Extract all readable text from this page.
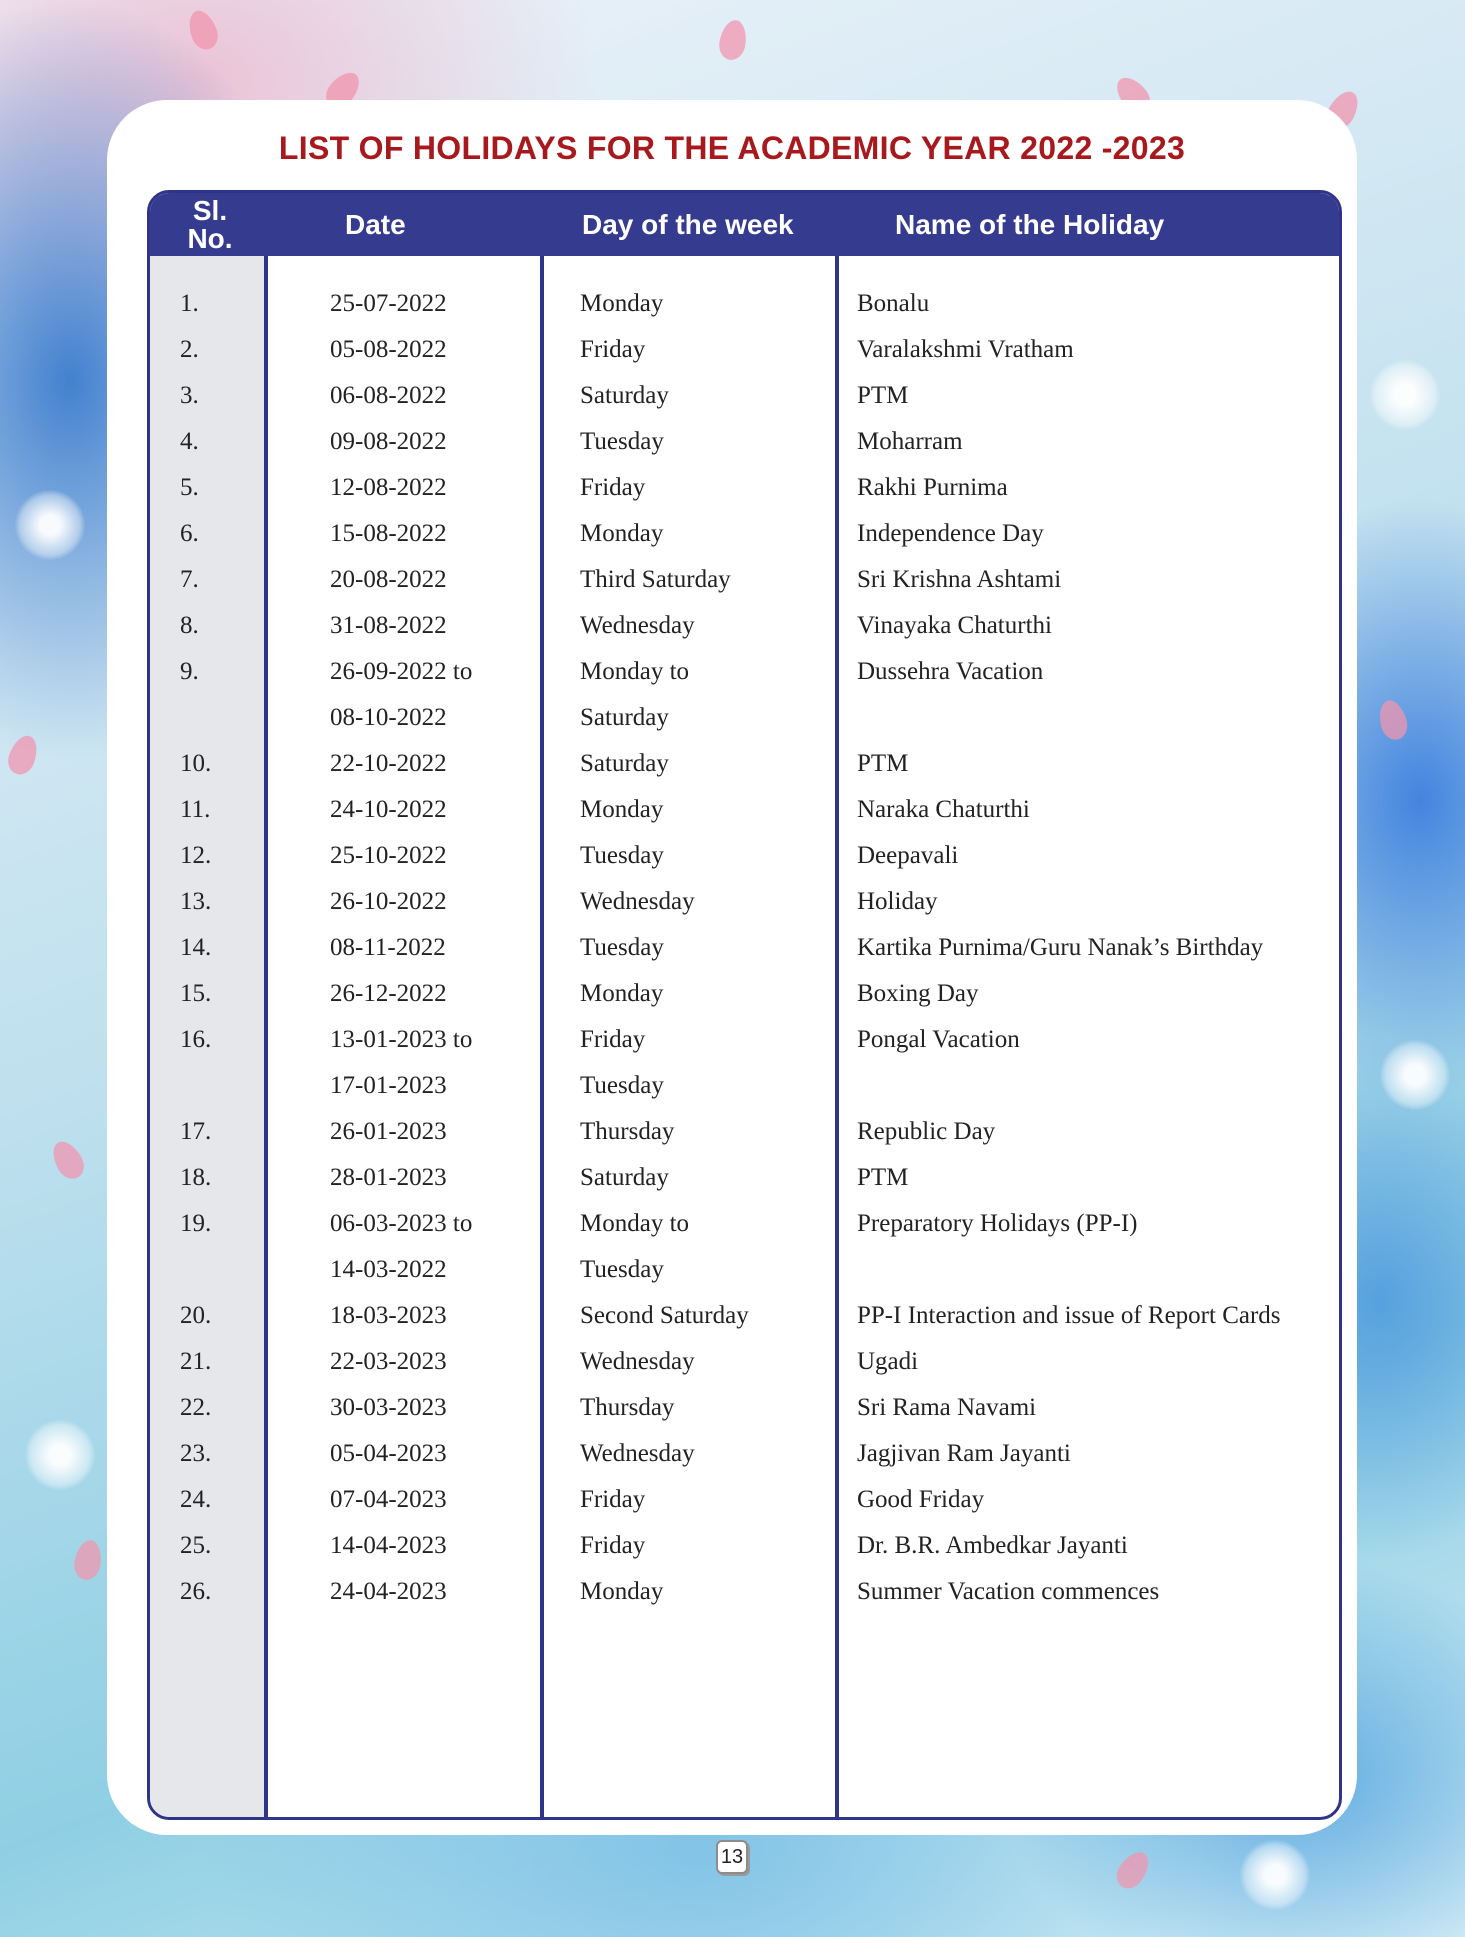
LIST OF HOLIDAYS FOR THE ACADEMIC YEAR 2022 -2023
Sl.
No.	Date	Day of the week	Name of the Holiday
1.	25-07-2022	Monday	Bonalu
2.	05-08-2022	Friday	Varalakshmi Vratham
3.	06-08-2022	Saturday	PTM
4.	09-08-2022	Tuesday	Moharram
5.	12-08-2022	Friday	Rakhi Purnima
6.	15-08-2022	Monday	Independence Day
7.	20-08-2022	Third Saturday	Sri Krishna Ashtami
8.	31-08-2022	Wednesday	Vinayaka Chaturthi
9.	26-09-2022 to	Monday to	Dussehra Vacation
08-10-2022	Saturday
10.	22-10-2022	Saturday	PTM
11.	24-10-2022	Monday	Naraka Chaturthi
12.	25-10-2022	Tuesday	Deepavali
13.	26-10-2022	Wednesday	Holiday
14.	08-11-2022	Tuesday	Kartika Purnima/Guru Nanak’s Birthday
15.	26-12-2022	Monday	Boxing Day
16.	13-01-2023 to	Friday	Pongal Vacation
17-01-2023	Tuesday
17.	26-01-2023	Thursday	Republic Day
18.	28-01-2023	Saturday	PTM
19.	06-03-2023 to	Monday to	Preparatory Holidays (PP-I)
14-03-2022	Tuesday
20.	18-03-2023	Second Saturday	PP-I Interaction and issue of Report Cards
21.	22-03-2023	Wednesday	Ugadi
22.	30-03-2023	Thursday	Sri Rama Navami
23.	05-04-2023	Wednesday	Jagjivan Ram Jayanti
24.	07-04-2023	Friday	Good Friday
25.	14-04-2023	Friday	Dr. B.R. Ambedkar Jayanti
26.	24-04-2023	Monday	Summer Vacation commences
13
